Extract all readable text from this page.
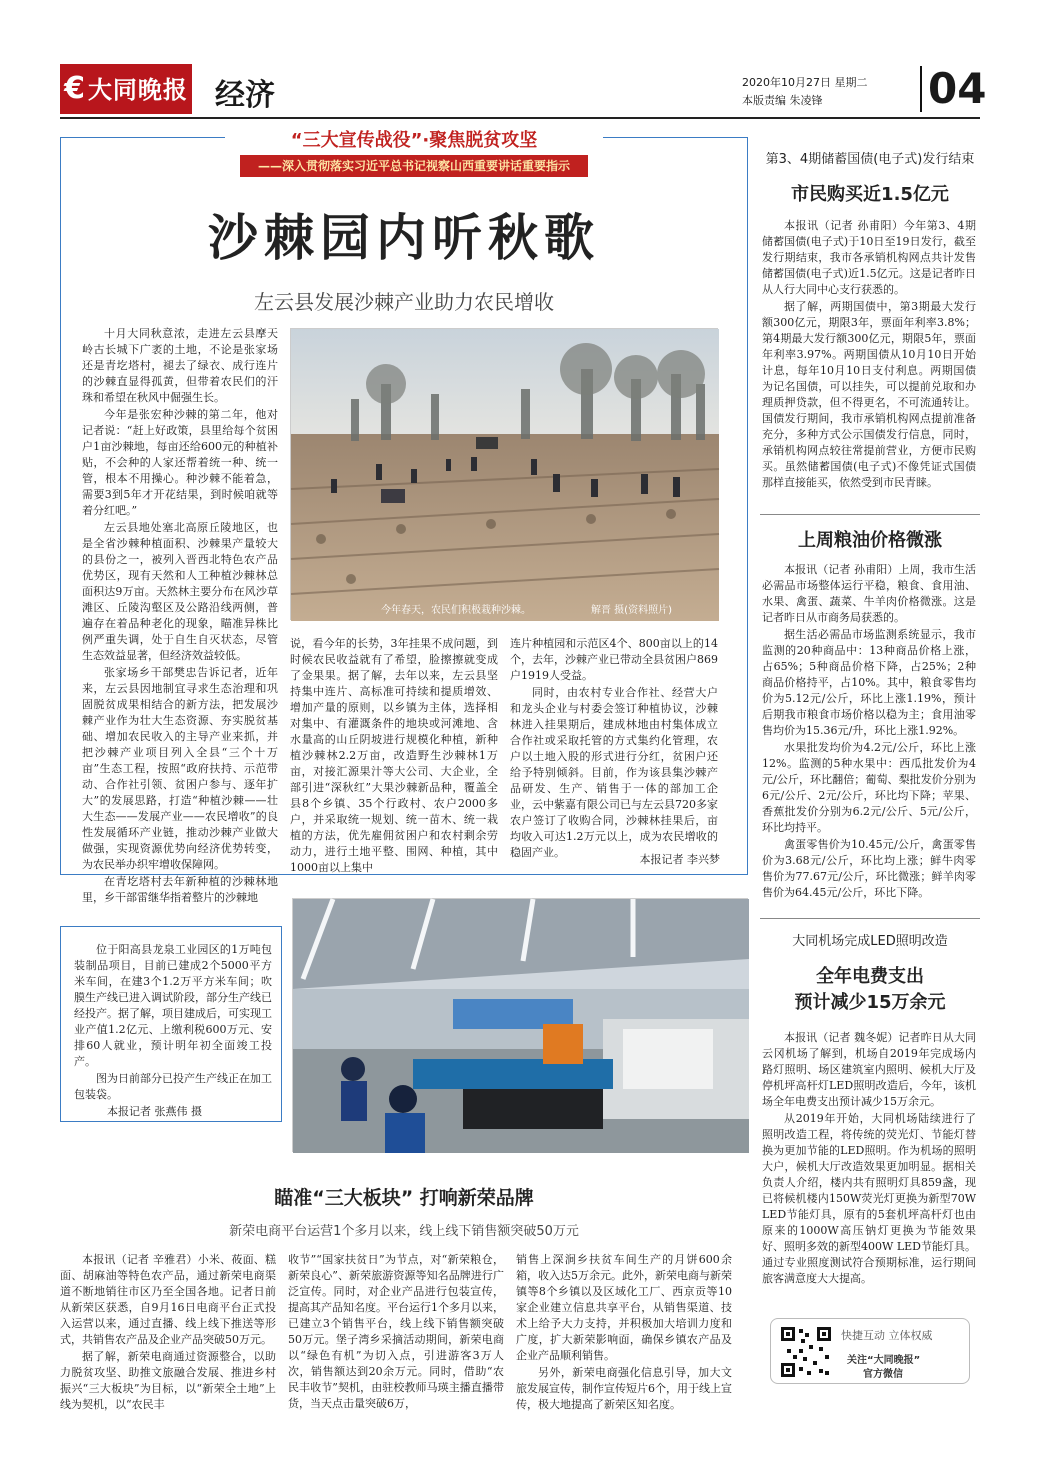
€大同晚报 经济	2020年10月27日 星期二
本版责编 朱凌锋	04
“三大宣传战役”·聚焦脱贫攻坚
——深入贯彻落实习近平总书记视察山西重要讲话重要指示
沙棘园内听秋歌
左云县发展沙棘产业助力农民增收
今年春天，农民们积极栽种沙棘。	解晋 摄(资料照片)

十月大同秋意浓，走进左云县摩天岭古长城下广袤的土地，不论是张家场还是青圪塔村，褪去了绿衣、成行连片的沙棘直显得孤黄，但带着农民们的汗珠和希望在秋风中倔强生长。

今年是张宏种沙棘的第二年，他对记者说：“赶上好政策，县里给每个贫困户1亩沙棘地，每亩还给600元的种植补贴，不会种的人家还帮着统一种、统一管，根本不用操心。种沙棘不能着急，需要3到5年才开花结果，到时候咱就等着分红吧。”

左云县地处塞北高原丘陵地区，也是全省沙棘种植面积、沙棘果产量较大的县份之一，被列入晋西北特色农产品优势区，现有天然和人工种植沙棘林总面积达9万亩。天然林主要分布在风沙草滩区、丘陵沟壑区及公路沿线两侧，普遍存在着品种老化的现象，瞄准异株比例严重失调，处于自生自灭状态，尽管生态效益显著，但经济效益较低。

张家场乡干部樊忠告诉记者，近年来，左云县因地制宜寻求生态治理和巩固脱贫成果相结合的新方法，把发展沙棘产业作为壮大生态资源、夯实脱贫基础、增加农民收入的主导产业来抓，并把沙棘产业项目列入全县“三个十万亩”生态工程，按照“政府扶持、示范带动、合作社引领、贫困户参与、逐年扩大”的发展思路，打造“种植沙棘——壮大生态——发展产业——农民增收”的良性发展循环产业链，推动沙棘产业做大做强，实现资源优势向经济优势转变，为农民举办织牢增收保障网。

在青圪塔村去年新种植的沙棘林地里，乡干部雷继华指着整片的沙棘地

说，看今年的长势，3年挂果不成问题，到时候农民收益就有了希望，脸擦擦就变成了金果果。据了解，去年以来，左云县坚持集中连片、高标准可持续和提质增效、增加产量的原则，以乡镇为主体，选择相对集中、有灌溉条件的地块或河滩地、含水量高的山丘阴坡进行规模化种植，新种植沙棘林2.2万亩，改造野生沙棘林1万亩，对接汇源果汁等大公司、大企业，全部引进“深秋红”大果沙棘新品种，覆盖全县8个乡镇、35个行政村、农户2000多户，并采取统一规划、统一苗木、统一栽植的方法，优先雇佣贫困户和农村剩余劳动力，进行土地平整、围网、种植，其中1000亩以上集中

连片种植园和示范区4个、800亩以上的14个，去年，沙棘产业已带动全县贫困户869户1919人受益。

同时，由农村专业合作社、经营大户和龙头企业与村委会签订种植协议，沙棘林进入挂果期后，建成林地由村集体成立合作社或采取托管的方式集约化管理，农户以土地入股的形式进行分红，贫困户还给予特别倾斜。目前，作为该县集沙棘产品研发、生产、销售于一体的部加工企业，云中紫嘉有限公司已与左云县720多家农户签订了收购合同，沙棘林挂果后，亩均收入可达1.2万元以上，成为农民增收的稳固产业。

本报记者 李兴梦

位于阳高县龙泉工业园区的1万吨包装制品项目，目前已建成2个5000平方米车间，在建3个1.2万平方米车间；吹膜生产线已进入调试阶段，部分生产线已经投产。据了解，项目建成后，可实现工业产值1.2亿元、上缴利税600万元、安排60人就业，预计明年初全面竣工投产。

图为日前部分已投产生产线正在加工包装袋。

本报记者 张燕伟 摄

瞄准“三大板块” 打响新荣品牌
新荣电商平台运营1个多月以来，线上线下销售额突破50万元

本报讯（记者 辛雅君）小米、莜面、糕面、胡麻油等特色农产品，通过新荣电商渠道不断地销往市区乃至全国各地。记者日前从新荣区获悉，自9月16日电商平台正式投入运营以来，通过直播、线上线下推送等形式，共销售农产品及企业产品突破50万元。

据了解，新荣电商通过资源整合，以助力脱贫攻坚、助推文旅融合发展、推进乡村振兴“三大板块”为目标，以“新荣全土地”上线为契机，以“农民丰

收节”“国家扶贫日”为节点，对“新荣粮仓，新荣良心”、新荣旅游资源等知名品牌进行广泛宣传。同时，对企业产品进行包装宣传，提高其产品知名度。平台运行1个多月以来，已建立3个销售平台，线上线下销售额突破50万元。堡子湾乡采摘活动期间，新荣电商以“绿色有机”为切入点，引进游客3万人次，销售额达到20余万元。同时，借助“农民丰收节”契机，由驻校教师马瑛主播直播带货，当天点击量突破6万，

销售上深涧乡扶贫车间生产的月饼600余箱，收入达5万余元。此外，新荣电商与新荣镇等8个乡镇以及区域化工厂、西京贡等10家企业建立信息共享平台，从销售渠道、技术上给予大力支持，并积极加大培训力度和广度，扩大新荣影响面，确保乡镇农产品及企业产品顺利销售。

另外，新荣电商强化信息引导，加大文旅发展宣传，制作宣传短片6个，用于线上宣传，极大地提高了新荣区知名度。

第3、4期储蓄国债(电子式)发行结束
市民购买近1.5亿元

本报讯（记者 孙甫阳）今年第3、4期储蓄国债(电子式)于10日至19日发行，截至发行期结束，我市各承销机构网点共计发售储蓄国债(电子式)近1.5亿元。这是记者昨日从人行大同中心支行获悉的。

据了解，两期国债中，第3期最大发行额300亿元，期限3年，票面年利率3.8%；第4期最大发行额300亿元，期限5年，票面年利率3.97%。两期国债从10月10日开始计息，每年10月10日支付利息。两期国债为记名国债，可以挂失，可以提前兑取和办理质押贷款，但不得更名，不可流通转让。国债发行期间，我市承销机构网点提前准备充分，多种方式公示国债发行信息，同时，承销机构网点较往常提前营业，方便市民购买。虽然储蓄国债(电子式)不像凭证式国债那样直接能买，依然受到市民青睐。

上周粮油价格微涨

本报讯（记者 孙甫阳）上周，我市生活必需品市场整体运行平稳，粮食、食用油、水果、禽蛋、蔬菜、牛羊肉价格微涨。这是记者昨日从市商务局获悉的。

据生活必需品市场监测系统显示，我市监测的20种商品中：13种商品价格上涨，占65%；5种商品价格下降，占25%；2种商品价格持平，占10%。其中，粮食零售均价为5.12元/公斤，环比上涨1.19%，预计后期我市粮食市场价格以稳为主；食用油零售均价为15.36元/升，环比上涨1.92%。

水果批发均价为4.2元/公斤，环比上涨12%。监测的5种水果中：西瓜批发价为4元/公斤，环比翻倍；葡萄、梨批发价分别为6元/公斤、2元/公斤，环比均下降；苹果、香蕉批发价分别为6.2元/公斤、5元/公斤，环比均持平。

禽蛋零售价为10.45元/公斤，禽蛋零售价为3.68元/公斤，环比均上涨；鲜牛肉零售价为77.67元/公斤，环比微涨；鲜羊肉零售价为64.45元/公斤，环比下降。

大同机场完成LED照明改造
全年电费支出
预计减少15万余元

本报讯（记者 魏冬妮）记者昨日从大同云冈机场了解到，机场自2019年完成场内路灯照明、场区建筑室内照明、候机大厅及停机坪高杆灯LED照明改造后，今年，该机场全年电费支出预计减少15万余元。

从2019年开始，大同机场陆续进行了照明改造工程，将传统的荧光灯、节能灯替换为更加节能的LED照明。作为机场的照明大户，候机大厅改造效果更加明显。据相关负责人介绍，楼内共有照明灯具859盏，现已将候机楼内150W荧光灯更换为新型70W LED节能灯具，原有的5套机坪高杆灯也由原来的1000W高压钠灯更换为节能效果好、照明多效的新型400W LED节能灯具。通过专业照度测试符合预期标准，运行期间旅客满意度大大提高。

快捷互动 立体权威
关注“大同晚报”
官方微信
